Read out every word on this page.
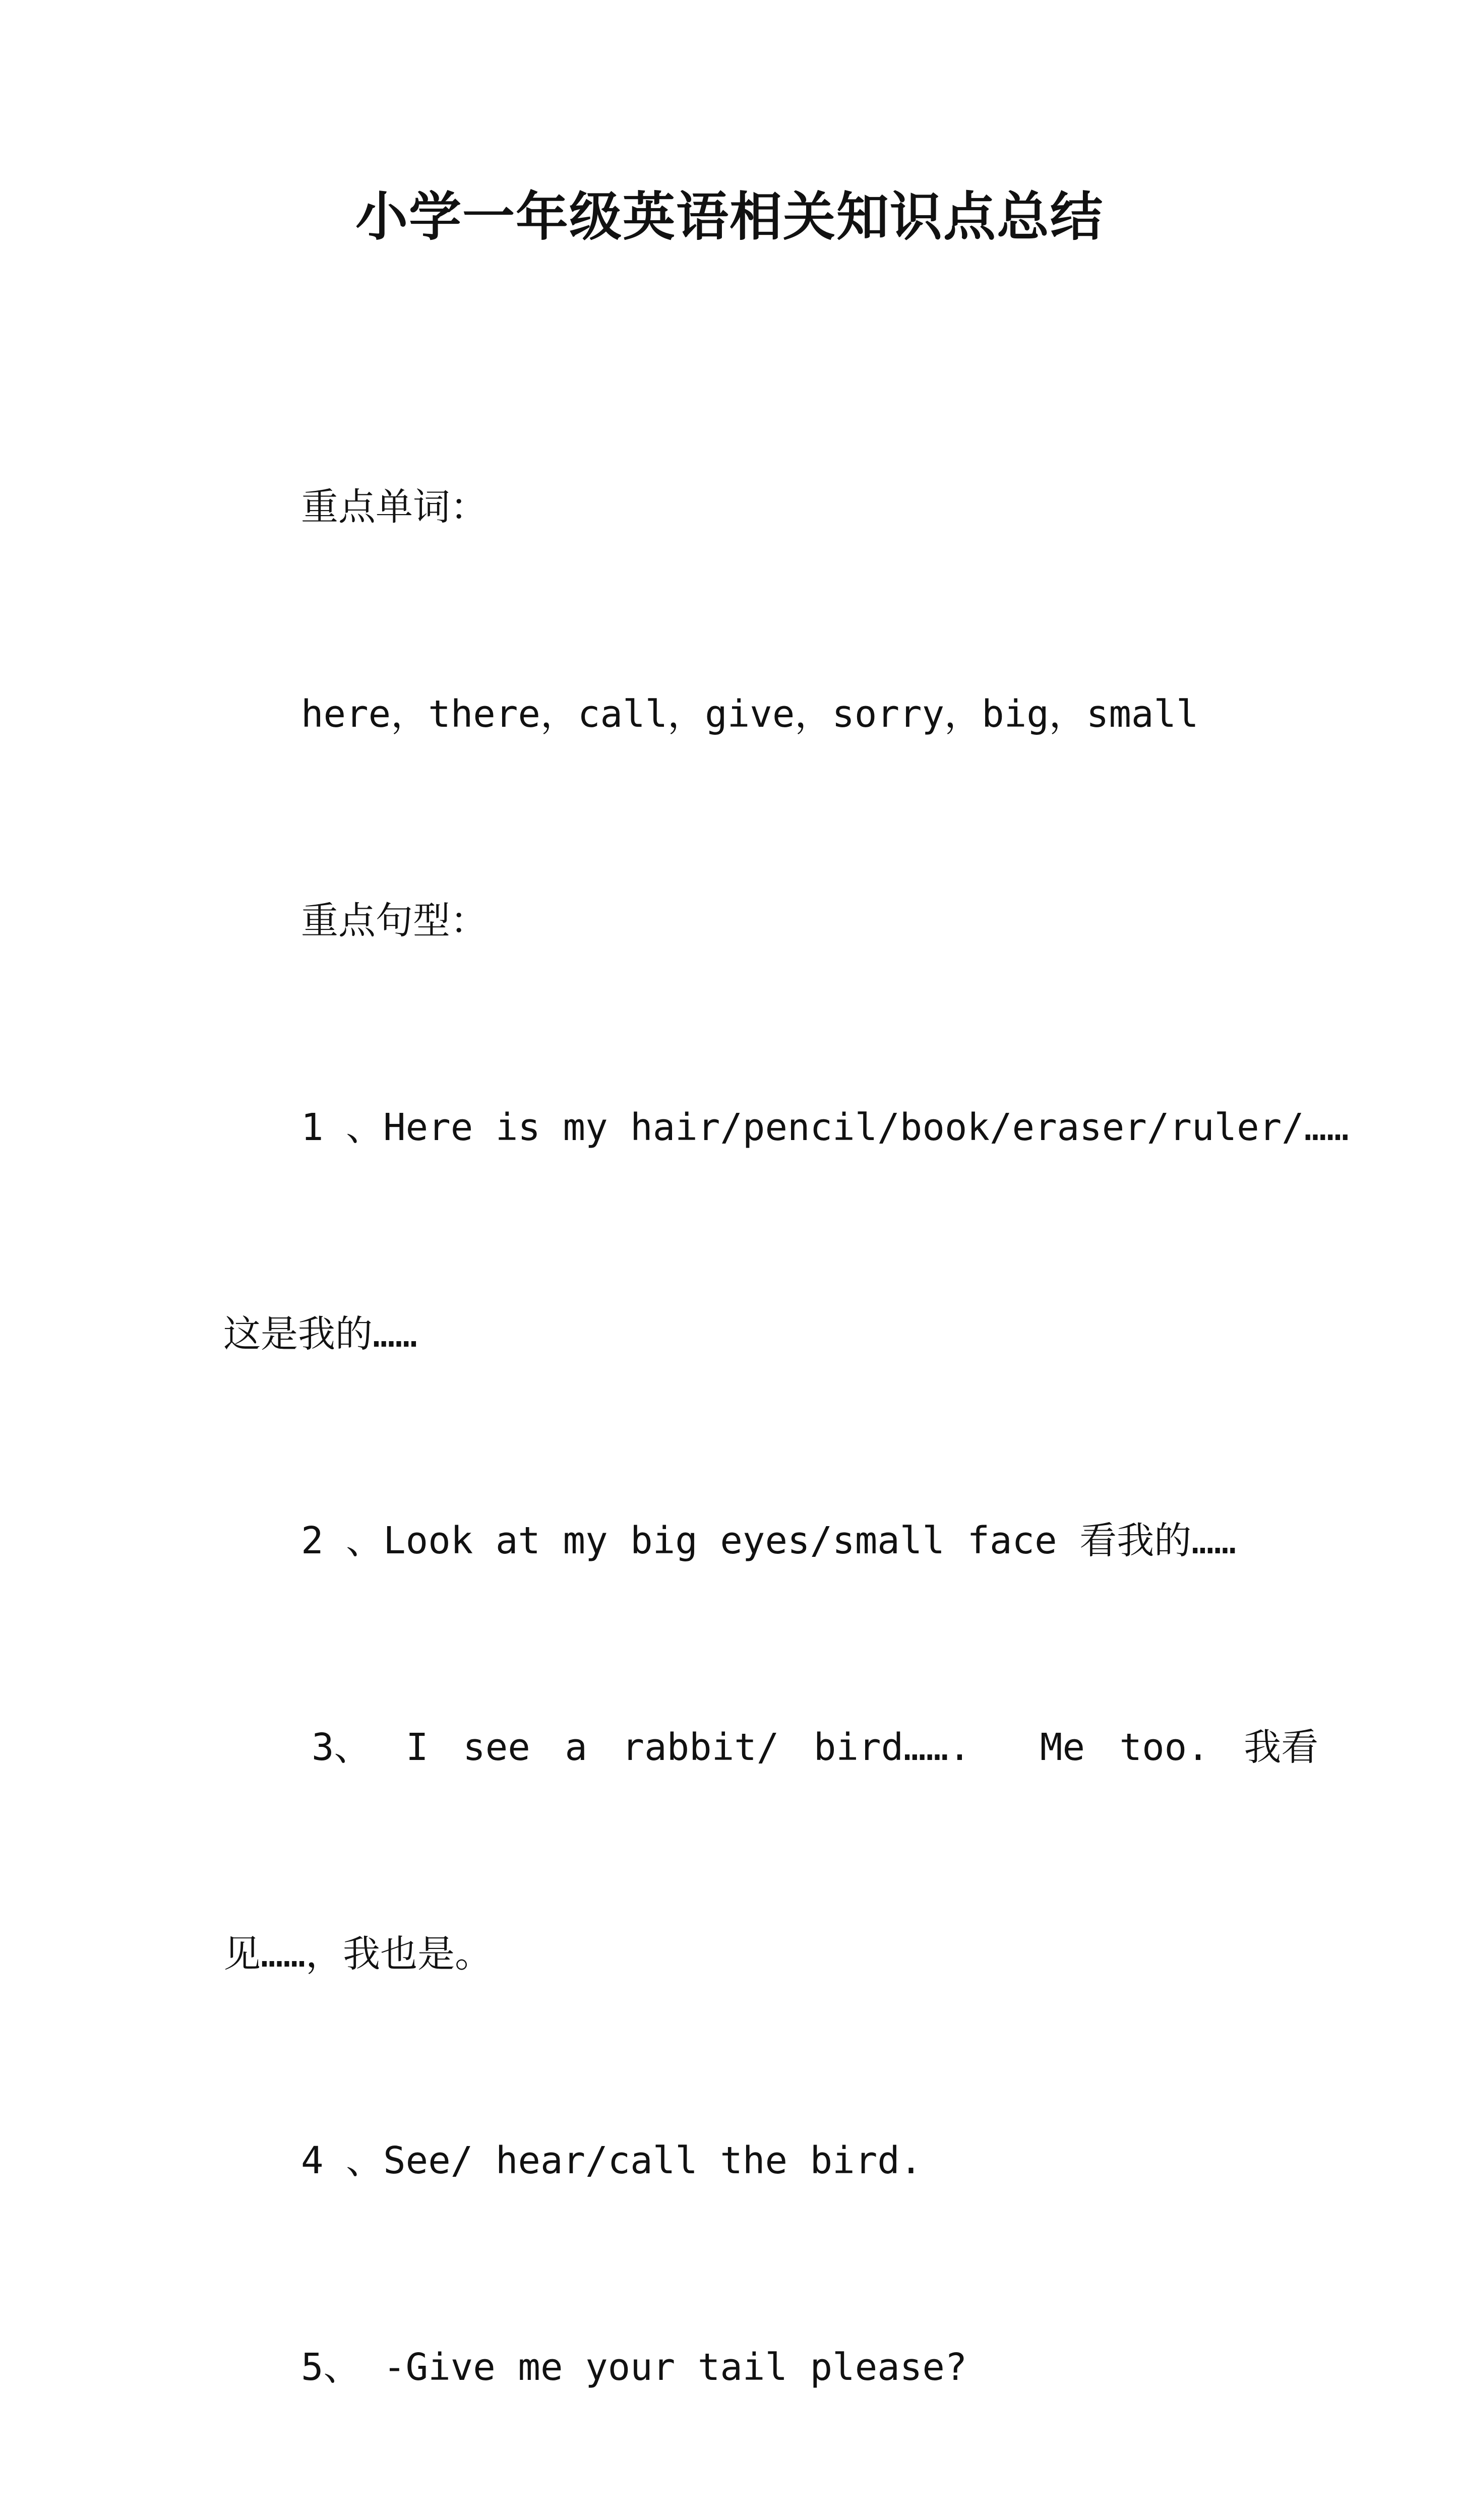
小学一年级英语相关知识点总结

重点单词：

here，there，call，give，sorry，big，small

重点句型：

1 、Here is my hair/pencil/book/eraser/ruler/……

这是我的……

2 、Look at my big eyes/small face 看我的……

3、 I see a rabbit/ bird…….  Me too. 我看

见……，我也是。

4 、See/ hear/call the bird.

5、 -Give me your tail please?
